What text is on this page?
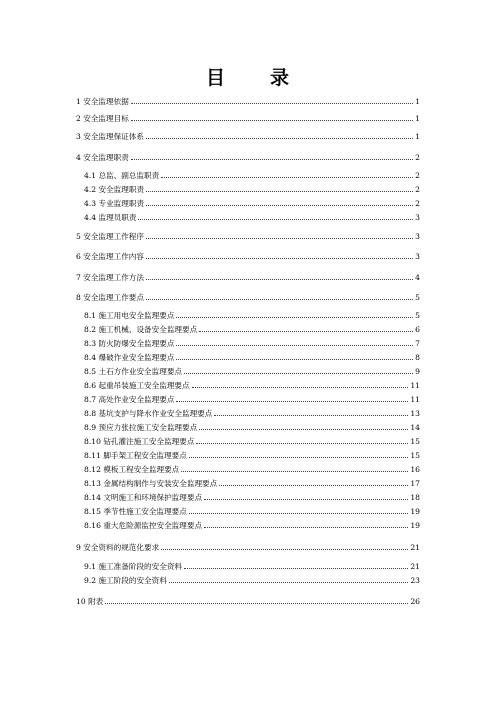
目 录
1 安全监理依据	1
2 安全监理目标	1
3 安全监理保证体系	1
4 安全监理职责	2
4.1 总监、副总监职责	2
4.2 安全监理职责	2
4.3 专业监理职责	2
4.4 监理员职责	3
5 安全监理工作程序	3
6 安全监理工作内容	3
7 安全监理工作方法	4
8 安全监理工作要点	5
8.1 施工用电安全监理要点	5
8.2 施工机械、设备安全监理要点	6
8.3 防火防爆安全监理要点	7
8.4 爆破作业安全监理要点	8
8.5 土石方作业安全监理要点	9
8.6 起重吊装施工安全监理要点	11
8.7 高处作业安全监理要点	11
8.8 基坑支护与降水作业安全监理要点	13
8.9 预应力张拉施工安全监理要点	14
8.10 钻孔灌注施工安全监理要点	15
8.11 脚手架工程安全监理要点	15
8.12 模板工程安全监理要点	16
8.13 金属结构制作与安装安全监理要点	17
8.14 文明施工和环境保护监理要点	18
8.15 季节性施工安全监理要点	19
8.16 重大危险源监控安全监理要点	19
9 安全资料的规范化要求	21
9.1 施工准备阶段的安全资料	21
9.2 施工阶段的安全资料	23
10 附表	26
